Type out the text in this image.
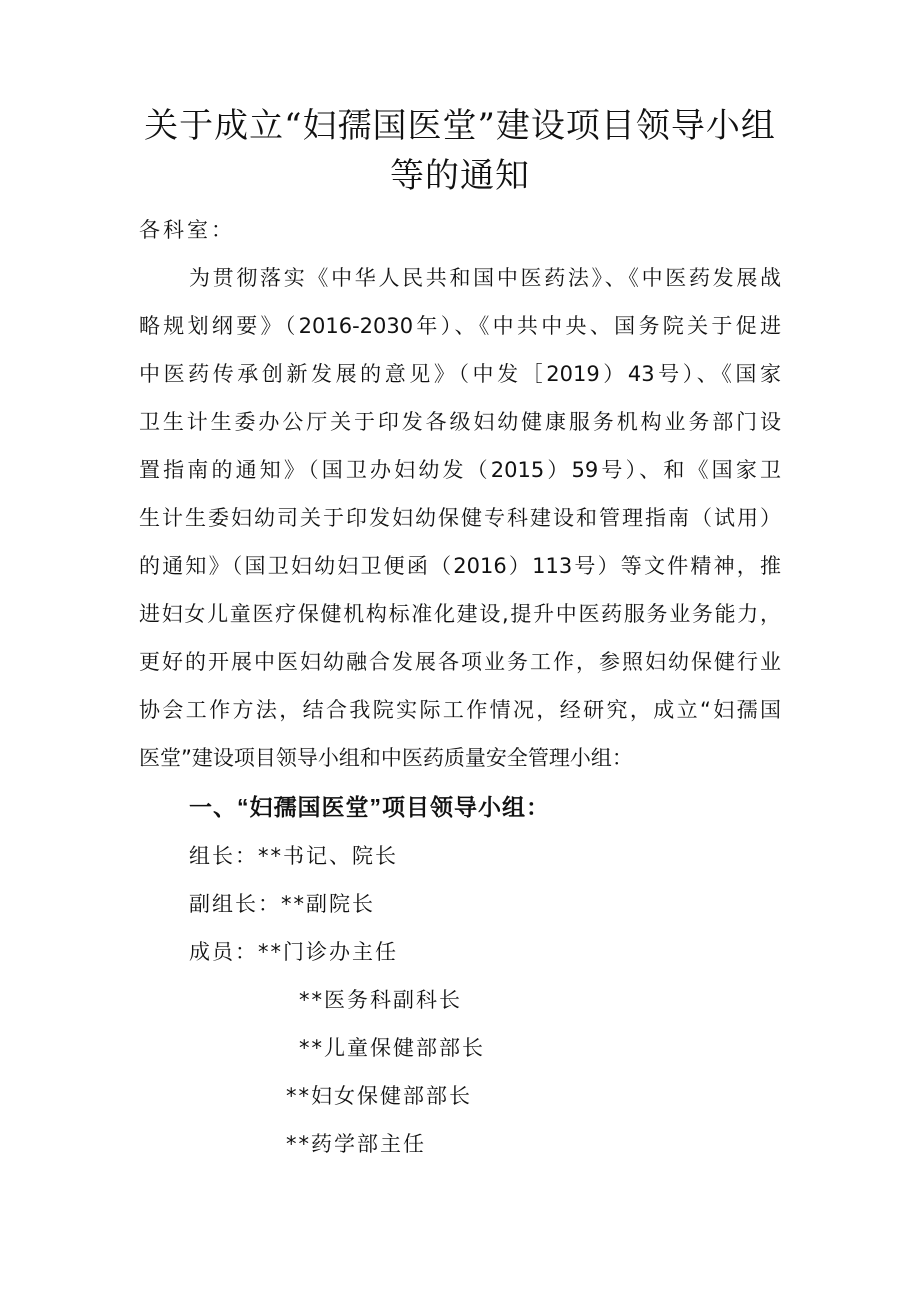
关于成立“妇孺国医堂”建设项目领导小组
等的通知

各科室：

为贯彻落实《中华人民共和国中医药法》、《中医药发展战

略规划纲要》（2016-2030年）、《中共中央、国务院关于促进

中医药传承创新发展的意见》（中发［2019）43号）、《国家

卫生计生委办公厅关于印发各级妇幼健康服务机构业务部门设

置指南的通知》（国卫办妇幼发（2015）59号）、和《国家卫

生计生委妇幼司关于印发妇幼保健专科建设和管理指南（试用）

的通知》（国卫妇幼妇卫便函（2016）113号）等文件精神，推

进妇女儿童医疗保健机构标准化建设,提升中医药服务业务能力，

更好的开展中医妇幼融合发展各项业务工作，参照妇幼保健行业

协会工作方法，结合我院实际工作情况，经研究，成立“妇孺国

医堂”建设项目领导小组和中医药质量安全管理小组：

一、“妇孺国医堂”项目领导小组：

组长：**书记、院长
副组长：**副院长
成员：**门诊办主任
**医务科副科长
**儿童保健部部长
**妇女保健部部长
**药学部主任
